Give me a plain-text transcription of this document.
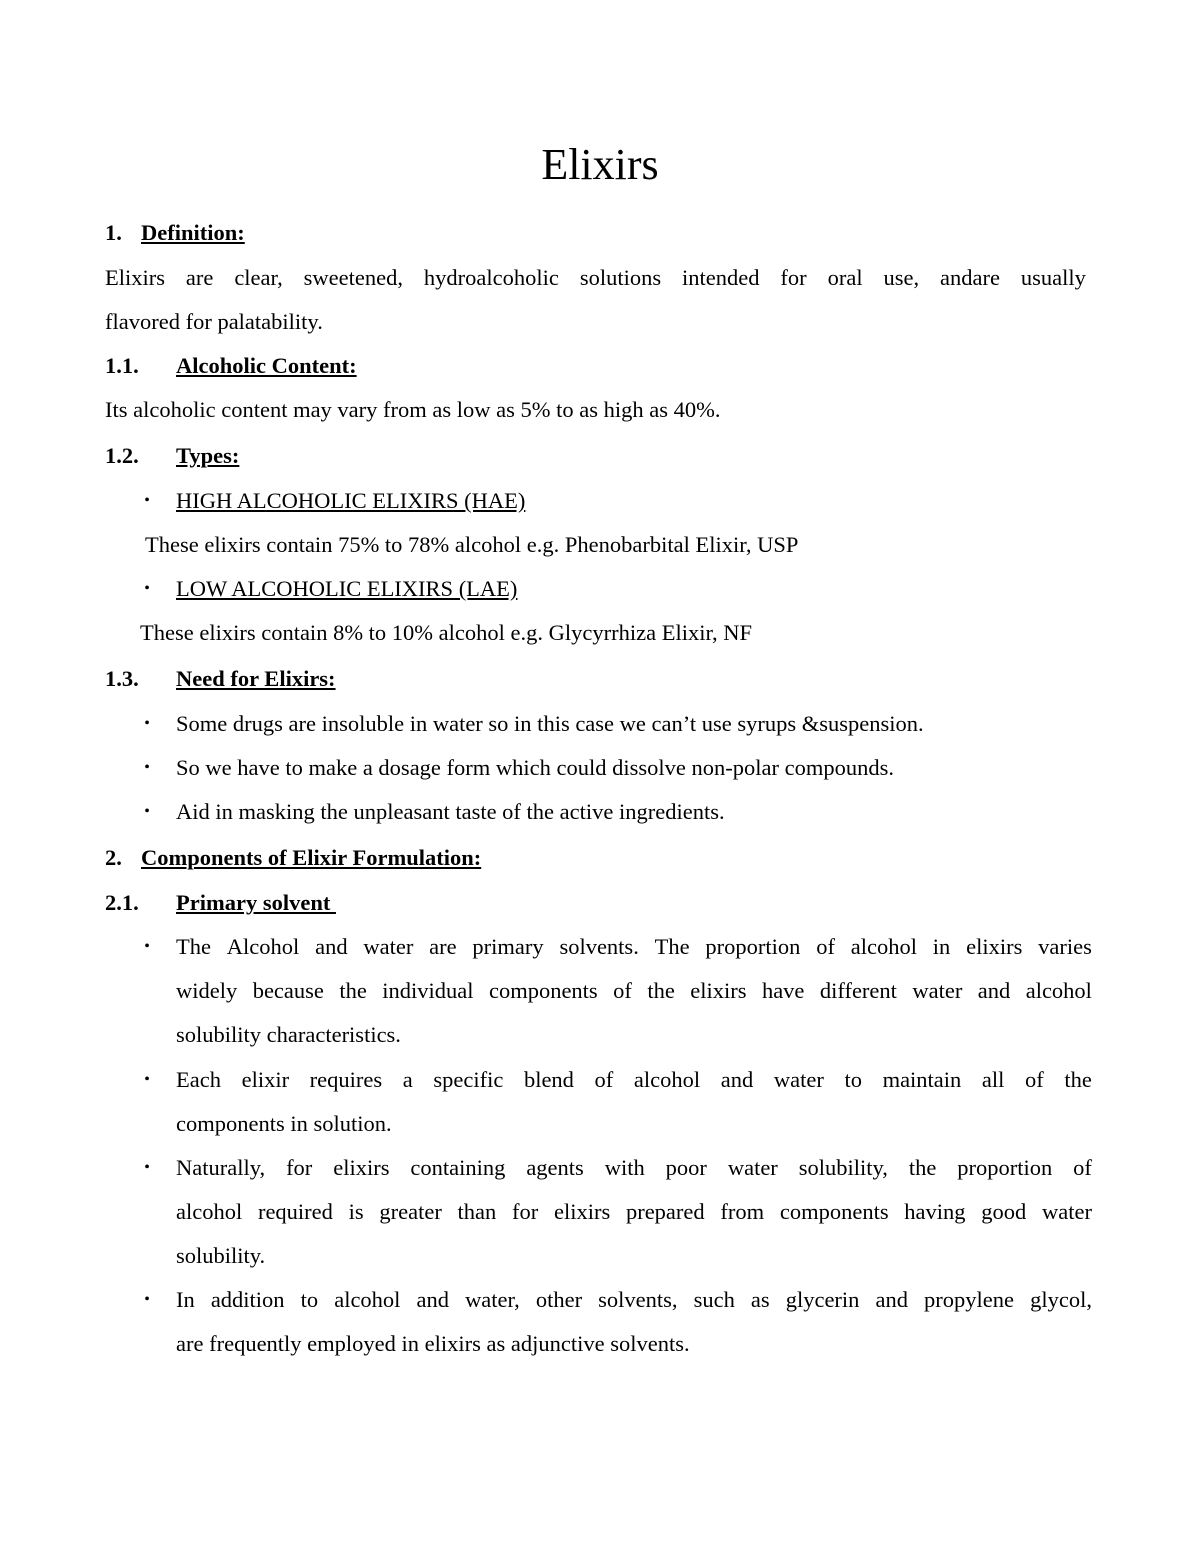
Elixirs
1. Definition:
Elixirs are clear, sweetened, hydroalcoholic solutions intended for oral use, andare usually
flavored for palatability.
1.1. Alcoholic Content:
Its alcoholic content may vary from as low as 5% to as high as 40%.
1.2. Types:
• HIGH ALCOHOLIC ELIXIRS (HAE)
These elixirs contain 75% to 78% alcohol e.g. Phenobarbital Elixir, USP
• LOW ALCOHOLIC ELIXIRS (LAE)
These elixirs contain 8% to 10% alcohol e.g. Glycyrrhiza Elixir, NF
1.3. Need for Elixirs:
• Some drugs are insoluble in water so in this case we can’t use syrups &suspension.
• So we have to make a dosage form which could dissolve non-polar compounds.
• Aid in masking the unpleasant taste of the active ingredients.
2. Components of Elixir Formulation:
2.1. Primary solvent
• The Alcohol and water are primary solvents. The proportion of alcohol in elixirs varies
widely because the individual components of the elixirs have different water and alcohol
solubility characteristics.
• Each elixir requires a specific blend of alcohol and water to maintain all of the
components in solution.
• Naturally, for elixirs containing agents with poor water solubility, the proportion of
alcohol required is greater than for elixirs prepared from components having good water
solubility.
• In addition to alcohol and water, other solvents, such as glycerin and propylene glycol,
are frequently employed in elixirs as adjunctive solvents.
